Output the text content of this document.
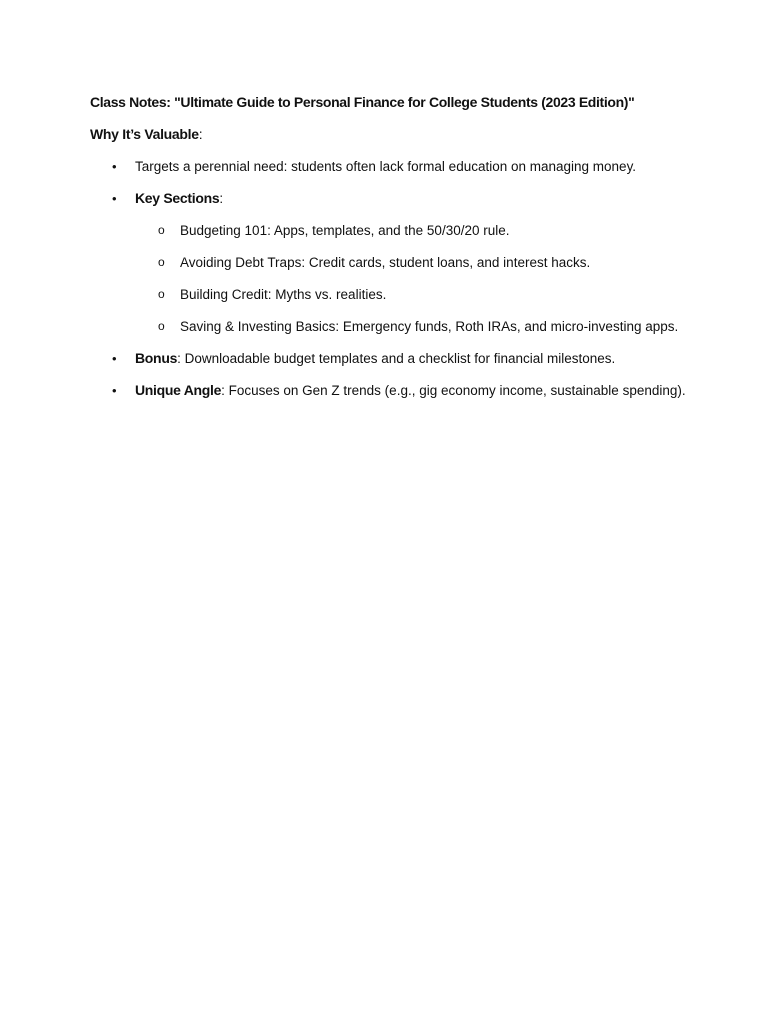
Class Notes: "Ultimate Guide to Personal Finance for College Students (2023 Edition)"
Why It’s Valuable:
• Targets a perennial need: students often lack formal education on managing money.
• Key Sections:
o Budgeting 101: Apps, templates, and the 50/30/20 rule.
o Avoiding Debt Traps: Credit cards, student loans, and interest hacks.
o Building Credit: Myths vs. realities.
o Saving & Investing Basics: Emergency funds, Roth IRAs, and micro-investing apps.
• Bonus: Downloadable budget templates and a checklist for financial milestones.
• Unique Angle: Focuses on Gen Z trends (e.g., gig economy income, sustainable spending).
